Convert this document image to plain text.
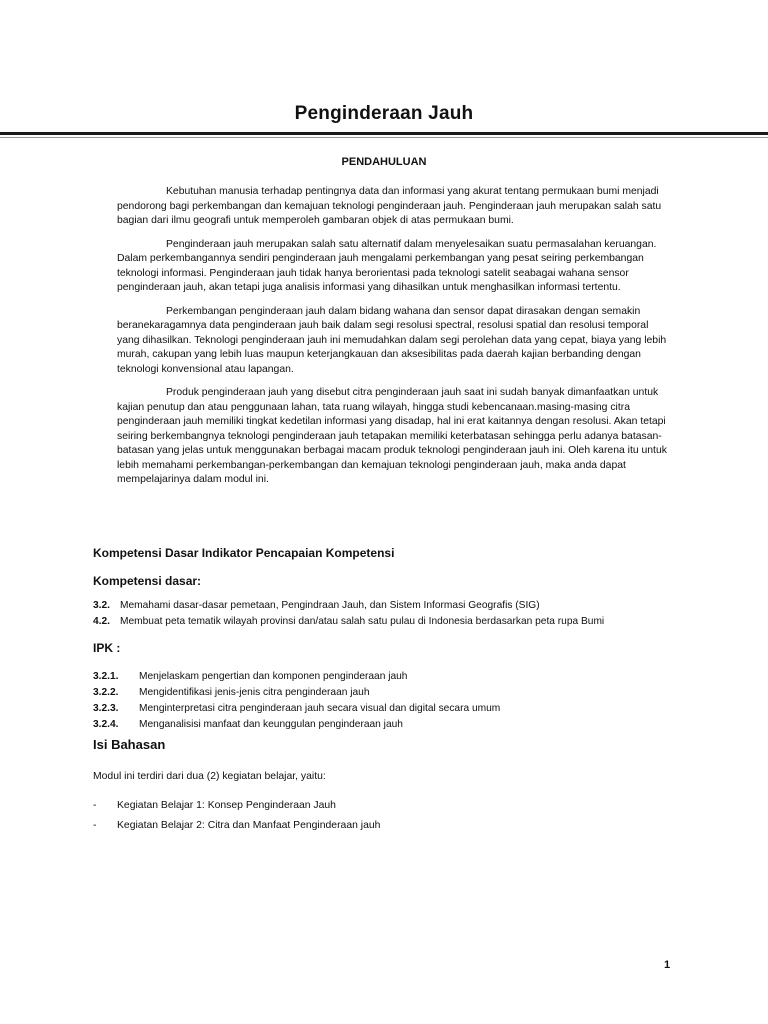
Penginderaan Jauh
PENDAHULUAN

Kebutuhan manusia terhadap pentingnya data dan informasi yang akurat tentang permukaan bumi menjadi pendorong bagi perkembangan dan kemajuan teknologi penginderaan jauh. Penginderaan jauh merupakan salah satu bagian dari ilmu geografi untuk memperoleh gambaran objek di atas permukaan bumi.

Penginderaan jauh merupakan salah satu alternatif dalam menyelesaikan suatu permasalahan keruangan. Dalam perkembangannya sendiri penginderaan jauh mengalami perkembangan yang pesat seiring perkembangan teknologi informasi. Penginderaan jauh tidak hanya berorientasi pada teknologi satelit seabagai wahana sensor penginderaan jauh, akan tetapi juga analisis informasi yang dihasilkan untuk menghasilkan informasi tertentu.

Perkembangan penginderaan jauh dalam bidang wahana dan sensor dapat dirasakan dengan semakin beranekaragamnya data penginderaan jauh baik dalam segi resolusi spectral, resolusi spatial dan resolusi temporal yang dihasilkan. Teknologi penginderaan jauh ini memudahkan dalam segi perolehan data yang cepat, biaya yang lebih murah, cakupan yang lebih luas maupun keterjangkauan dan aksesibilitas pada daerah kajian berbanding dengan teknologi konvensional atau lapangan.

Produk penginderaan jauh yang disebut citra penginderaan jauh saat ini sudah banyak dimanfaatkan untuk kajian penutup dan atau penggunaan lahan, tata ruang wilayah, hingga studi kebencanaan.masing-masing citra penginderaan jauh memiliki tingkat kedetilan informasi yang disadap, hal ini erat kaitannya dengan resolusi. Akan tetapi seiring berkembangnya teknologi penginderaan jauh tetapakan memiliki keterbatasan sehingga perlu adanya batasan-batasan yang jelas untuk menggunakan berbagai macam produk teknologi penginderaan jauh ini. Oleh karena itu untuk lebih memahami perkembangan-perkembangan dan kemajuan teknologi penginderaan jauh, maka anda dapat mempelajarinya dalam modul ini.

Kompetensi Dasar Indikator Pencapaian Kompetensi
Kompetensi dasar:
3.2. Memahami dasar-dasar pemetaan, Pengindraan Jauh, dan Sistem Informasi Geografis (SIG)
4.2. Membuat peta tematik wilayah provinsi dan/atau salah satu pulau di Indonesia berdasarkan peta rupa Bumi
IPK :
3.2.1.	Menjelaskam pengertian dan komponen penginderaan jauh
3.2.2.	Mengidentifikasi jenis-jenis citra penginderaan jauh
3.2.3.	Menginterpretasi citra penginderaan jauh secara visual dan digital secara umum
3.2.4.	Menganalisisi manfaat dan keunggulan penginderaan jauh
Isi Bahasan
Modul ini terdiri dari dua (2) kegiatan belajar, yaitu:
-	Kegiatan Belajar 1: Konsep Penginderaan Jauh
-	Kegiatan Belajar 2: Citra dan Manfaat Penginderaan jauh
1
